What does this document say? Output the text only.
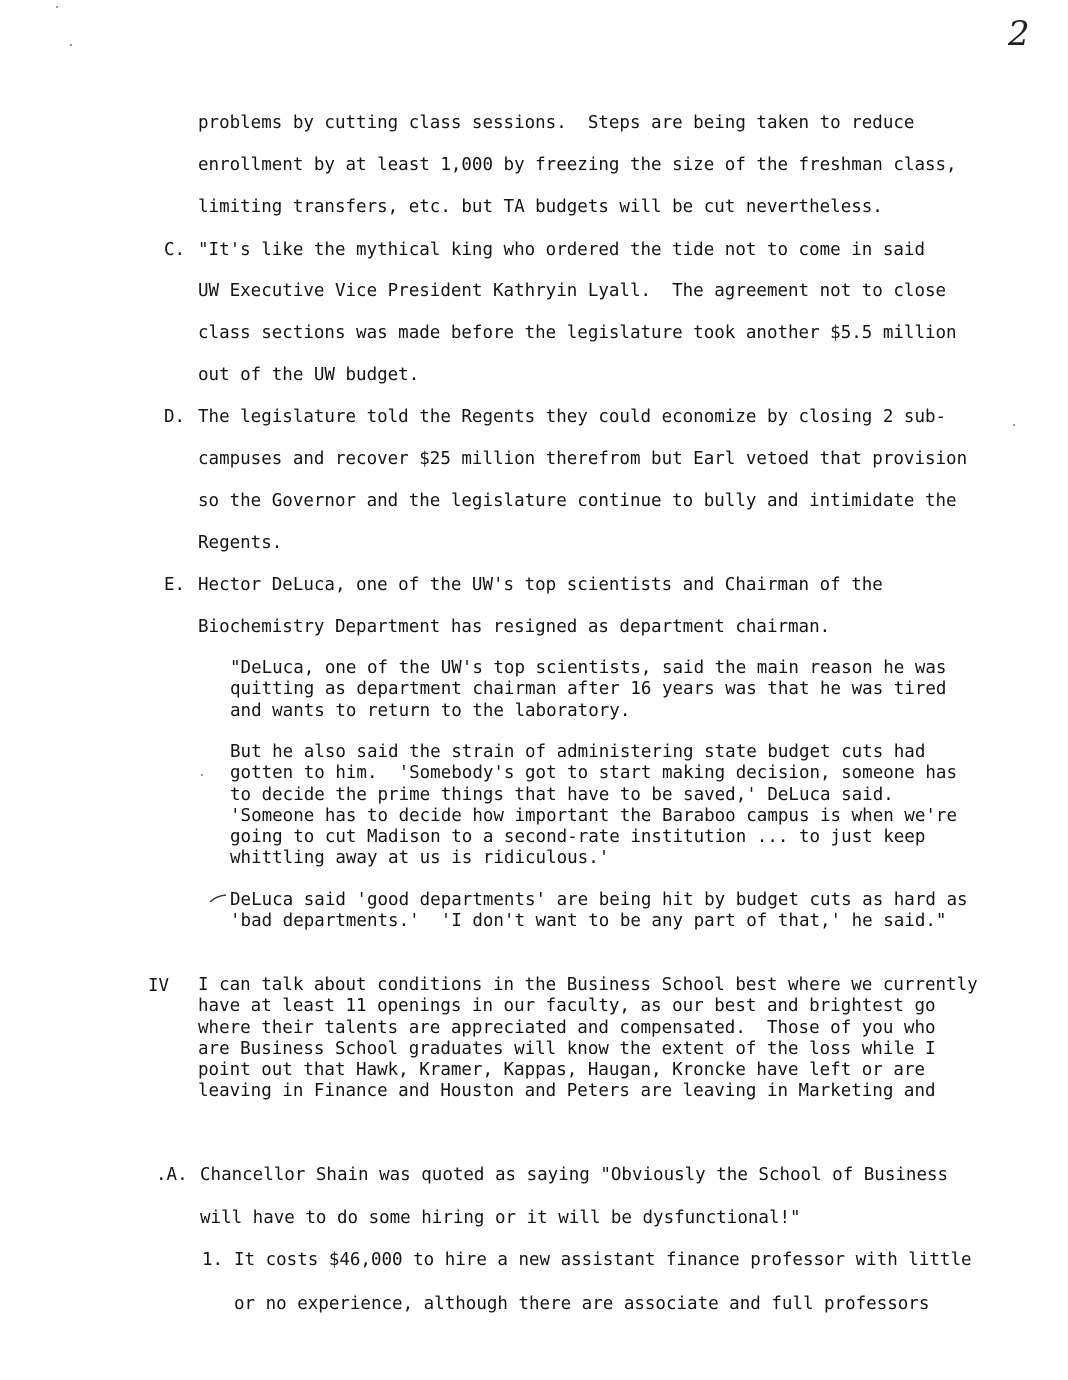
2
problems by cutting class sessions.  Steps are being taken to reduce
enrollment by at least 1,000 by freezing the size of the freshman class,
limiting transfers, etc. but TA budgets will be cut nevertheless.
C. "It's like the mythical king who ordered the tide not to come in said
UW Executive Vice President Kathryin Lyall.  The agreement not to close
class sections was made before the legislature took another $5.5 million
out of the UW budget.
D. The legislature told the Regents they could economize by closing 2 sub-
campuses and recover $25 million therefrom but Earl vetoed that provision
so the Governor and the legislature continue to bully and intimidate the
Regents.
E. Hector DeLuca, one of the UW's top scientists and Chairman of the
Biochemistry Department has resigned as department chairman.
"DeLuca, one of the UW's top scientists, said the main reason he was
quitting as department chairman after 16 years was that he was tired
and wants to return to the laboratory.
But he also said the strain of administering state budget cuts had
gotten to him.  'Somebody's got to start making decision, someone has
to decide the prime things that have to be saved,' DeLuca said.
'Someone has to decide how important the Baraboo campus is when we're
going to cut Madison to a second-rate institution ... to just keep
whittling away at us is ridiculous.'
DeLuca said 'good departments' are being hit by budget cuts as hard as
'bad departments.'  'I don't want to be any part of that,' he said."
IV I can talk about conditions in the Business School best where we currently
have at least 11 openings in our faculty, as our best and brightest go
where their talents are appreciated and compensated.  Those of you who
are Business School graduates will know the extent of the loss while I
point out that Hawk, Kramer, Kappas, Haugan, Kroncke have left or are
leaving in Finance and Houston and Peters are leaving in Marketing and
.A. Chancellor Shain was quoted as saying "Obviously the School of Business
will have to do some hiring or it will be dysfunctional!"
1. It costs $46,000 to hire a new assistant finance professor with little
or no experience, although there are associate and full professors
